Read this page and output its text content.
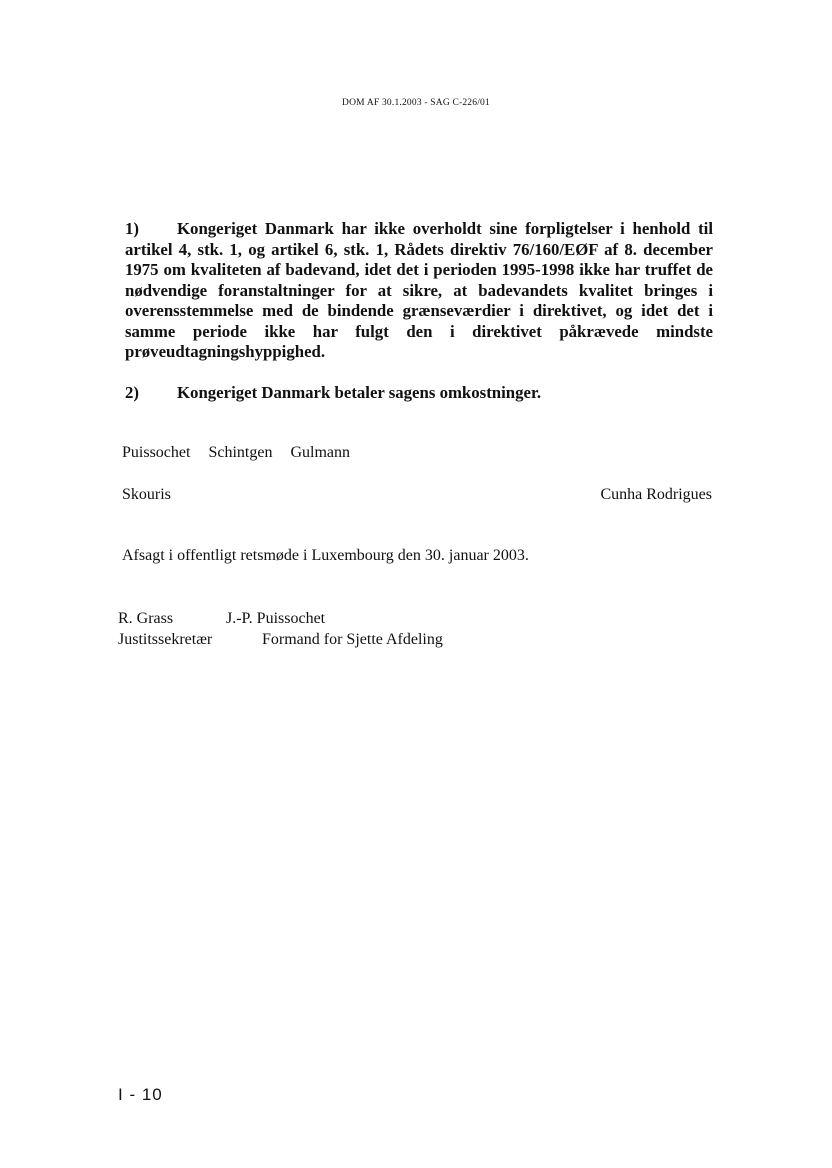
DOM AF 30.1.2003 - SAG C-226/01
1) Kongeriget Danmark har ikke overholdt sine forpligtelser i henhold til artikel 4, stk. 1, og artikel 6, stk. 1, Rådets direktiv 76/160/EØF af 8. december 1975 om kvaliteten af badevand, idet det i perioden 1995-1998 ikke har truffet de nødvendige foranstaltninger for at sikre, at badevandets kvalitet bringes i overensstemmelse med de bindende grænseværdier i direktivet, og idet det i samme periode ikke har fulgt den i direktivet påkrævede mindste prøveudtagningshyppighed.
2) Kongeriget Danmark betaler sagens omkostninger.
Puissochet Schintgen Gulmann
Skouris	Cunha Rodrigues
Afsagt i offentligt retsmøde i Luxembourg den 30. januar 2003.
R. Grass
Justitssekretær
J.-P. Puissochet
Formand for Sjette Afdeling
I - 10
